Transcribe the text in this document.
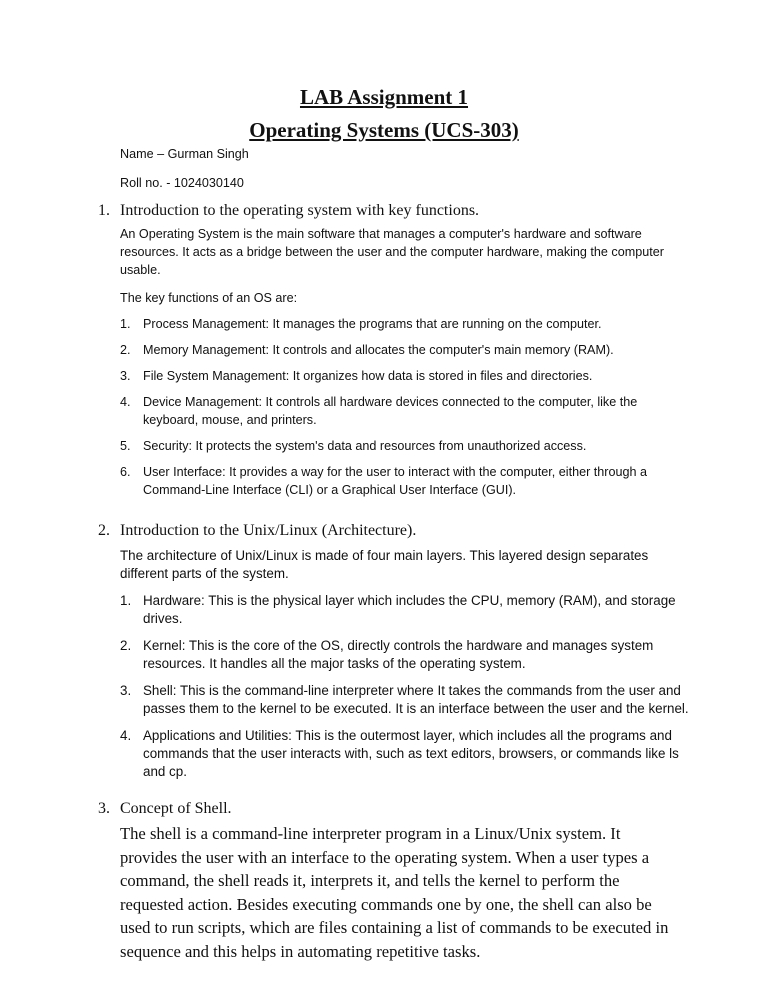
LAB Assignment 1
Operating Systems (UCS-303)
Name – Gurman Singh
Roll no. - 1024030140
1. Introduction to the operating system with key functions.
An Operating System is the main software that manages a computer's hardware and software resources. It acts as a bridge between the user and the computer hardware, making the computer usable.
The key functions of an OS are:
1. Process Management: It manages the programs that are running on the computer.
2. Memory Management: It controls and allocates the computer's main memory (RAM).
3. File System Management: It organizes how data is stored in files and directories.
4. Device Management: It controls all hardware devices connected to the computer, like the keyboard, mouse, and printers.
5. Security: It protects the system's data and resources from unauthorized access.
6. User Interface: It provides a way for the user to interact with the computer, either through a Command-Line Interface (CLI) or a Graphical User Interface (GUI).
2. Introduction to the Unix/Linux (Architecture).
The architecture of Unix/Linux is made of four main layers. This layered design separates different parts of the system.
1. Hardware: This is the physical layer which includes the CPU, memory (RAM), and storage drives.
2. Kernel: This is the core of the OS, directly controls the hardware and manages system resources. It handles all the major tasks of the operating system.
3. Shell: This is the command-line interpreter where It takes the commands from the user and passes them to the kernel to be executed. It is an interface between the user and the kernel.
4. Applications and Utilities: This is the outermost layer, which includes all the programs and commands that the user interacts with, such as text editors, browsers, or commands like ls and cp.
3. Concept of Shell.
The shell is a command-line interpreter program in a Linux/Unix system. It provides the user with an interface to the operating system. When a user types a command, the shell reads it, interprets it, and tells the kernel to perform the requested action. Besides executing commands one by one, the shell can also be used to run scripts, which are files containing a list of commands to be executed in sequence and this helps in automating repetitive tasks.
